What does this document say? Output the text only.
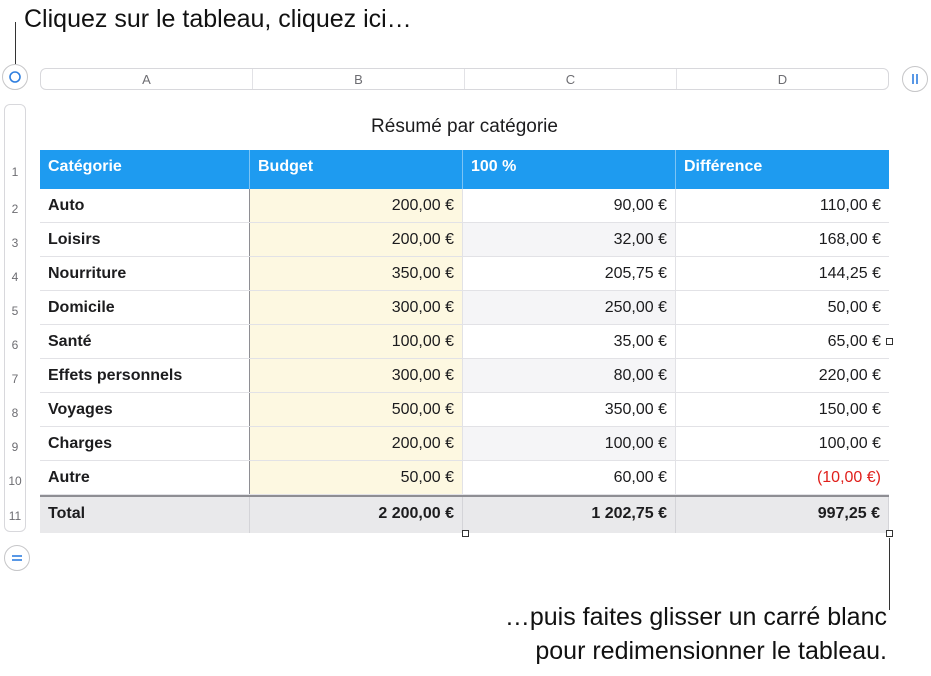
Cliquez sur le tableau, cliquez ici…
A	B	C	D
1
2
3
4
5
6
7
8
9
10
11
Résumé par catégorie
Catégorie	Budget	100 %	Différence
Auto	200,00 €	90,00 €	110,00 €
Loisirs	200,00 €	32,00 €	168,00 €
Nourriture	350,00 €	205,75 €	144,25 €
Domicile	300,00 €	250,00 €	50,00 €
Santé	100,00 €	35,00 €	65,00 €
Effets personnels	300,00 €	80,00 €	220,00 €
Voyages	500,00 €	350,00 €	150,00 €
Charges	200,00 €	100,00 €	100,00 €
Autre	50,00 €	60,00 €	(10,00 €)
Total	2 200,00 €	1 202,75 €	997,25 €
…puis faites glisser un carré blanc
pour redimensionner le tableau.
